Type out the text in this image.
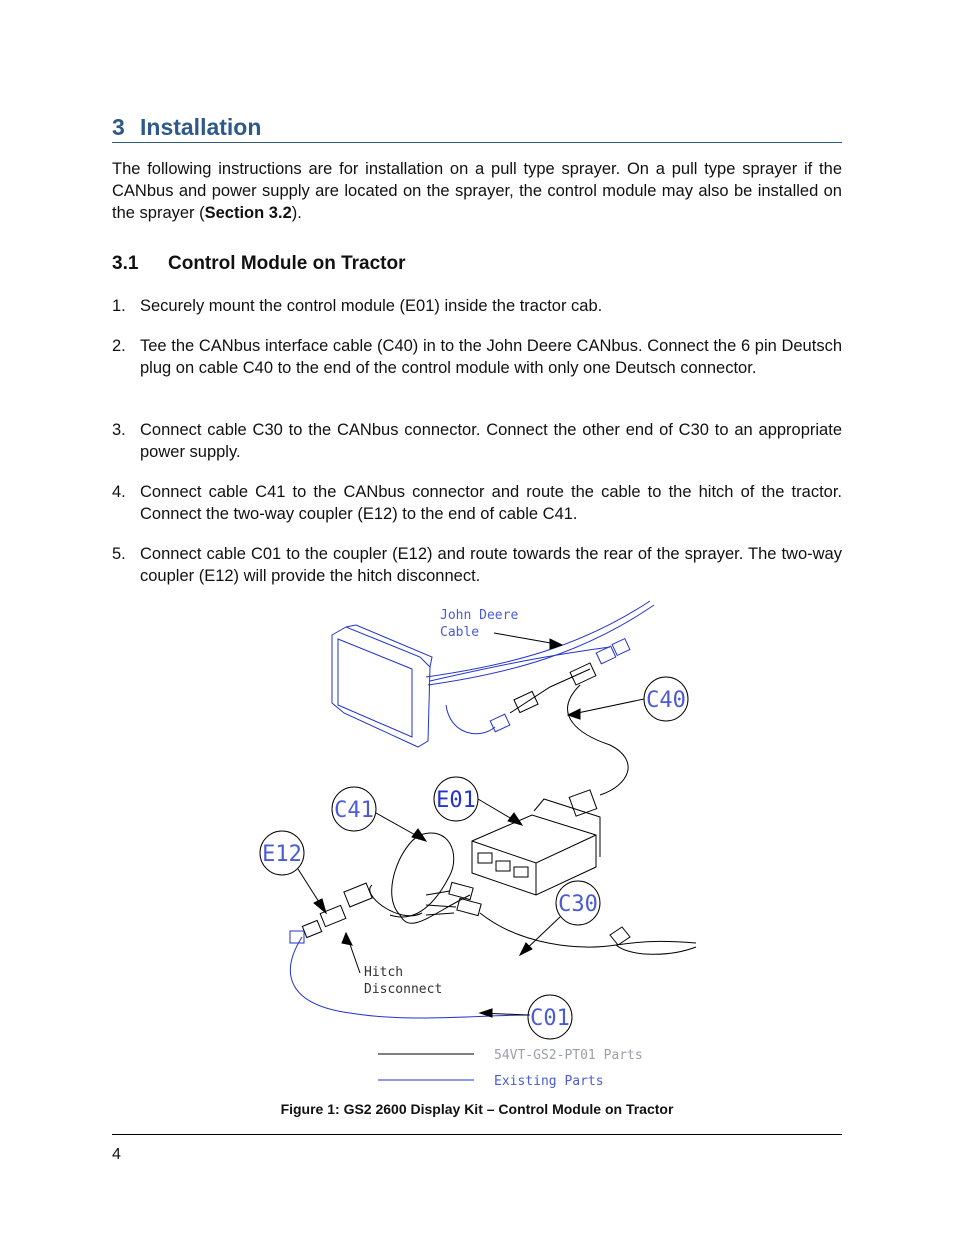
3 Installation
The following instructions are for installation on a pull type sprayer. On a pull type sprayer if the CANbus and power supply are located on the sprayer, the control module may also be installed on the sprayer (Section 3.2).
3.1 Control Module on Tractor
1. Securely mount the control module (E01) inside the tractor cab.
2. Tee the CANbus interface cable (C40) in to the John Deere CANbus. Connect the 6 pin Deutsch plug on cable C40 to the end of the control module with only one Deutsch connector.
3. Connect cable C30 to the CANbus connector. Connect the other end of C30 to an appropriate power supply.
4. Connect cable C41 to the CANbus connector and route the cable to the hitch of the tractor. Connect the two-way coupler (E12) to the end of cable C41.
5. Connect cable C01 to the coupler (E12) and route towards the rear of the sprayer. The two-way coupler (E12) will provide the hitch disconnect.
C40
E01
C41
E12
C30
C01
John Deere
Cable
Hitch
Disconnect
54VT-GS2-PT01 Parts
Existing Parts
Figure 1: GS2 2600 Display Kit – Control Module on Tractor
4
